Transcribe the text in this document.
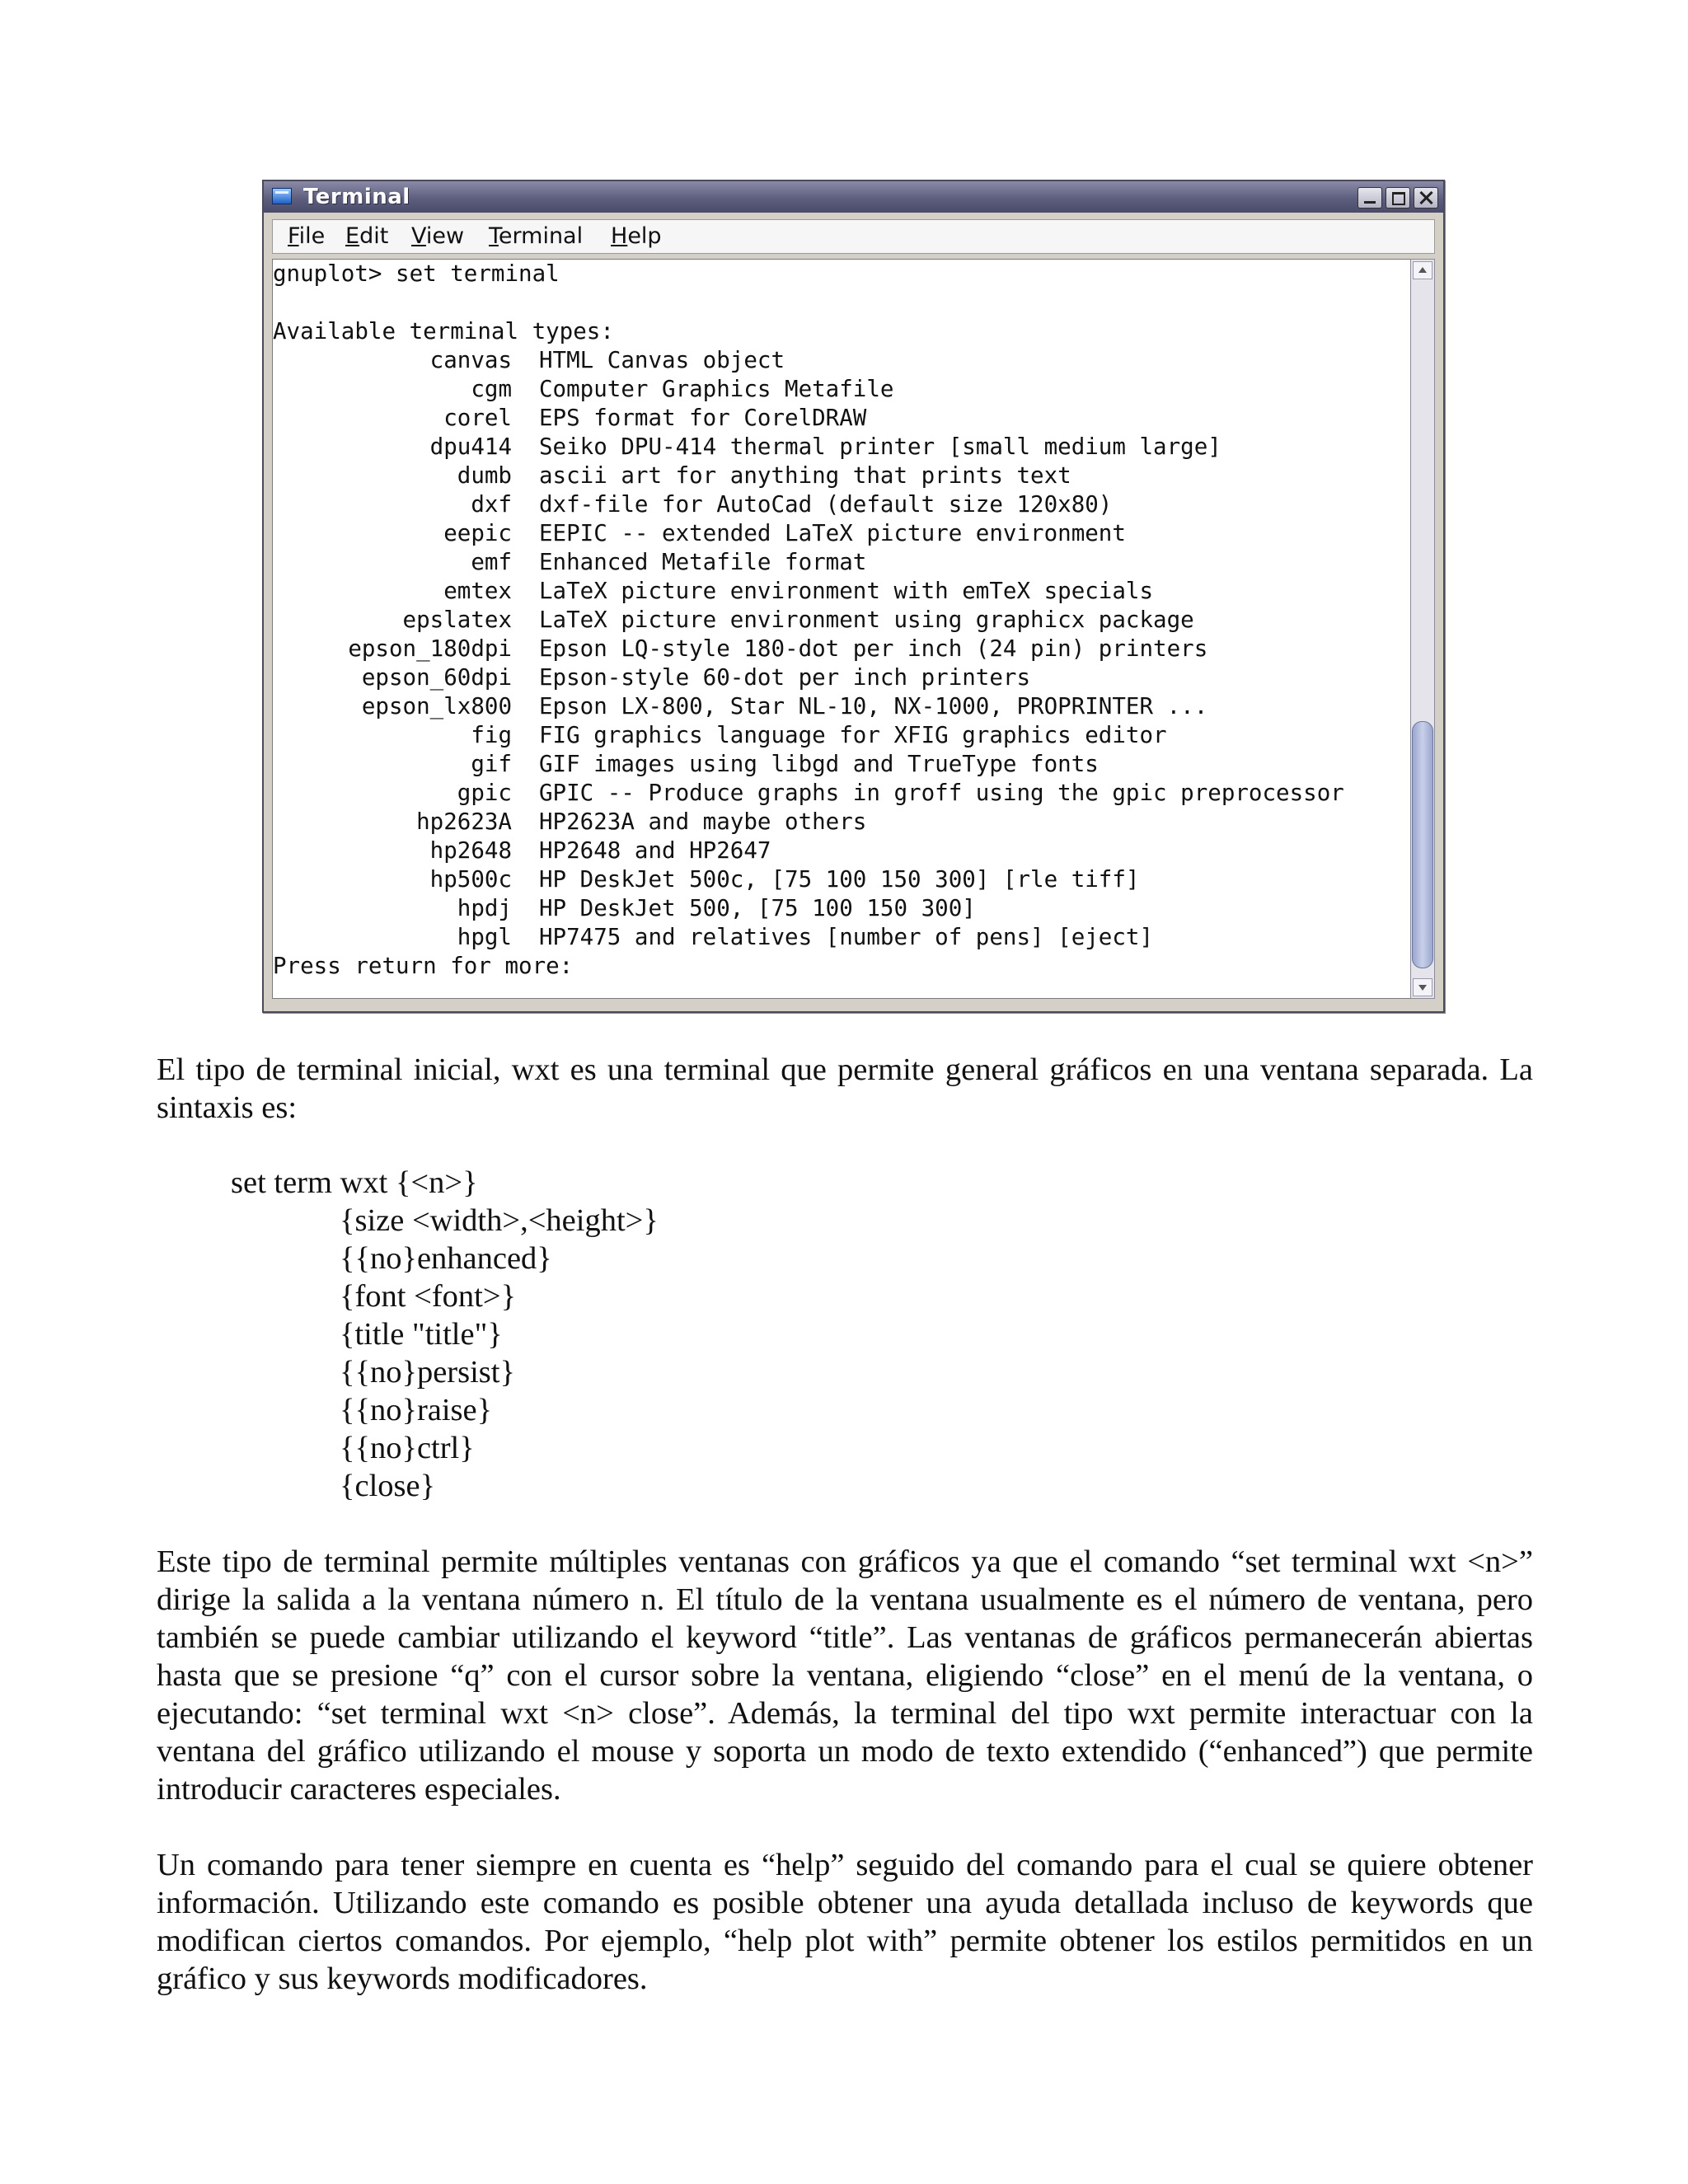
Terminal
File Edit View Terminal Help
gnuplot> set terminal
Available terminal types:
canvas HTML Canvas object
cgm Computer Graphics Metafile
corel EPS format for CorelDRAW
dpu414 Seiko DPU-414 thermal printer [small medium large]
dumb ascii art for anything that prints text
dxf dxf-file for AutoCad (default size 120x80)
eepic EEPIC -- extended LaTeX picture environment
emf Enhanced Metafile format
emtex LaTeX picture environment with emTeX specials
epslatex LaTeX picture environment using graphicx package
epson_180dpi Epson LQ-style 180-dot per inch (24 pin) printers
epson_60dpi Epson-style 60-dot per inch printers
epson_lx800 Epson LX-800, Star NL-10, NX-1000, PROPRINTER ...
fig FIG graphics language for XFIG graphics editor
gif GIF images using libgd and TrueType fonts
gpic GPIC -- Produce graphs in groff using the gpic preprocessor
hp2623A HP2623A and maybe others
hp2648 HP2648 and HP2647
hp500c HP DeskJet 500c, [75 100 150 300] [rle tiff]
hpdj HP DeskJet 500, [75 100 150 300]
hpgl HP7475 and relatives [number of pens] [eject]
Press return for more:

El tipo de terminal inicial, wxt es una terminal que permite general gráficos en una ventana separada. La sintaxis es:

set term wxt {<n>}
{size <width>,<height>}
{{no}enhanced}
{font <font>}
{title "title"}
{{no}persist}
{{no}raise}
{{no}ctrl}
{close}

Este tipo de terminal permite múltiples ventanas con gráficos ya que el comando “set terminal wxt <n>” dirige la salida a la ventana número n. El título de la ventana usualmente es el número de ventana, pero también se puede cambiar utilizando el keyword “title”. Las ventanas de gráficos permanecerán abiertas hasta que se presione “q” con el cursor sobre la ventana, eligiendo “close” en el menú de la ventana, o ejecutando: “set terminal wxt <n> close”. Además, la terminal del tipo wxt permite interactuar con la ventana del gráfico utilizando el mouse y soporta un modo de texto extendido (“enhanced”) que permite introducir caracteres especiales.

Un comando para tener siempre en cuenta es “help” seguido del comando para el cual se quiere obtener información. Utilizando este comando es posible obtener una ayuda detallada incluso de keywords que modifican ciertos comandos. Por ejemplo, “help plot with” permite obtener los estilos permitidos en un gráfico y sus keywords modificadores.
